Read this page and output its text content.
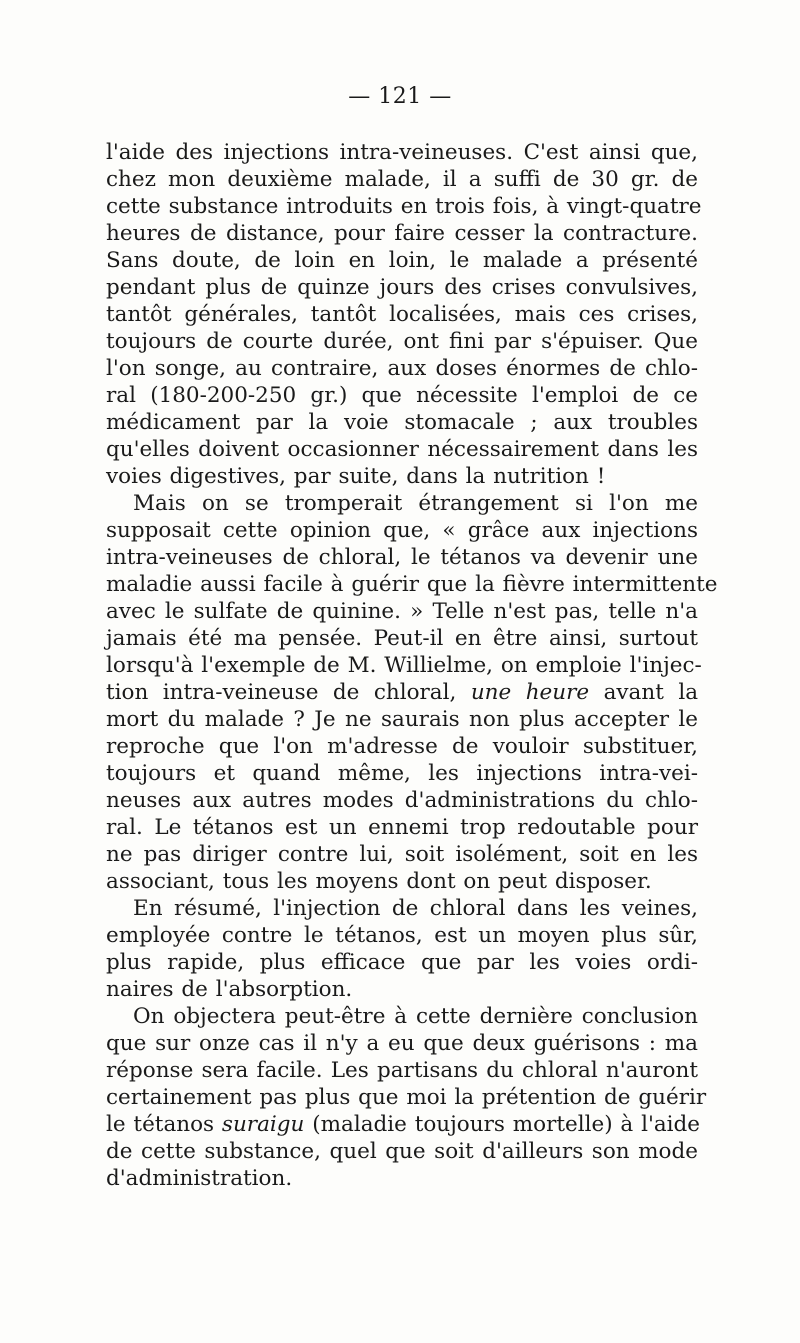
— 121 —
l'aide des injections intra-veineuses. C'est ainsi que,
chez mon deuxième malade, il a suffi de 30 gr. de
cette substance introduits en trois fois, à vingt-quatre
heures de distance, pour faire cesser la contracture.
Sans doute, de loin en loin, le malade a présenté
pendant plus de quinze jours des crises convulsives,
tantôt générales, tantôt localisées, mais ces crises,
toujours de courte durée, ont fini par s'épuiser. Que
l'on songe, au contraire, aux doses énormes de chlo-
ral (180-200-250 gr.) que nécessite l'emploi de ce
médicament par la voie stomacale ; aux troubles
qu'elles doivent occasionner nécessairement dans les
voies digestives, par suite, dans la nutrition !
Mais on se tromperait étrangement si l'on me
supposait cette opinion que, « grâce aux injections
intra-veineuses de chloral, le tétanos va devenir une
maladie aussi facile à guérir que la fièvre intermittente
avec le sulfate de quinine. » Telle n'est pas, telle n'a
jamais été ma pensée. Peut-il en être ainsi, surtout
lorsqu'à l'exemple de M. Willielme, on emploie l'injec-
tion intra-veineuse de chloral, une heure avant la
mort du malade ? Je ne saurais non plus accepter le
reproche que l'on m'adresse de vouloir substituer,
toujours et quand même, les injections intra-vei-
neuses aux autres modes d'administrations du chlo-
ral. Le tétanos est un ennemi trop redoutable pour
ne pas diriger contre lui, soit isolément, soit en les
associant, tous les moyens dont on peut disposer.
En résumé, l'injection de chloral dans les veines,
employée contre le tétanos, est un moyen plus sûr,
plus rapide, plus efficace que par les voies ordi-
naires de l'absorption.
On objectera peut-être à cette dernière conclusion
que sur onze cas il n'y a eu que deux guérisons : ma
réponse sera facile. Les partisans du chloral n'auront
certainement pas plus que moi la prétention de guérir
le tétanos suraigu (maladie toujours mortelle) à l'aide
de cette substance, quel que soit d'ailleurs son mode
d'administration.
